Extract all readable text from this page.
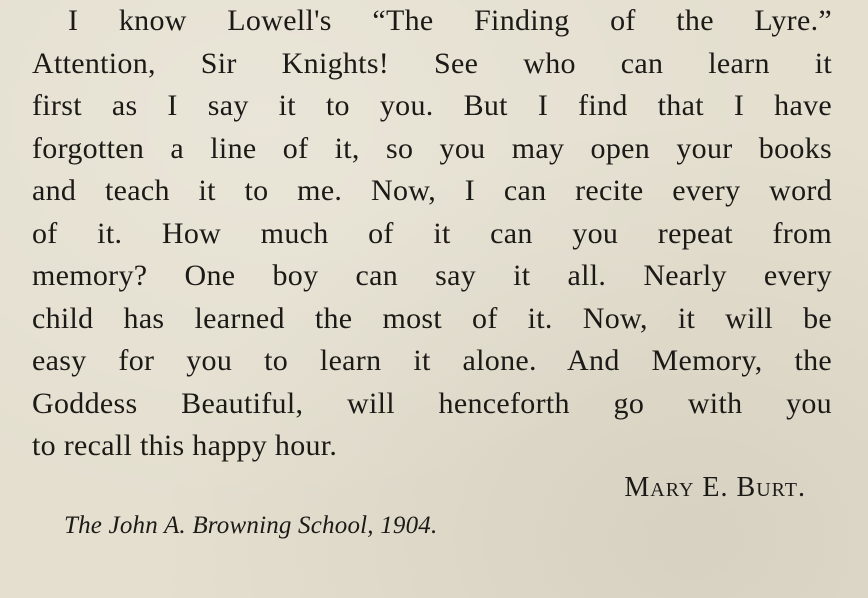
I know Lowell's “The Finding of the Lyre.”
Attention, Sir Knights! See who can learn it
first as I say it to you. But I find that I have
forgotten a line of it, so you may open your books
and teach it to me. Now, I can recite every word
of it. How much of it can you repeat from
memory? One boy can say it all. Nearly every
child has learned the most of it. Now, it will be
easy for you to learn it alone. And Memory, the
Goddess Beautiful, will henceforth go with you
to recall this happy hour.
Mary E. Burt.
The John A. Browning School, 1904.
